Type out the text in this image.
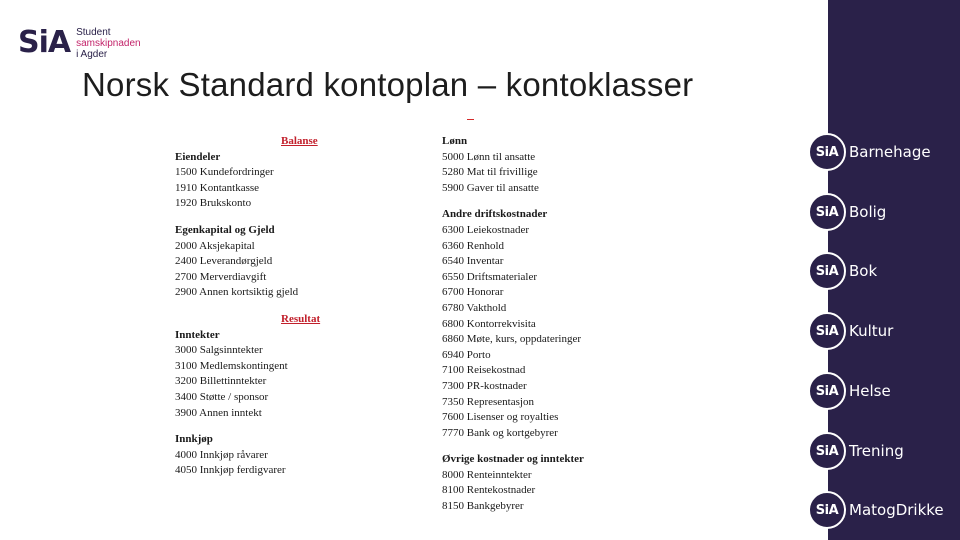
SiA Student
samskipnaden
i Agder
Norsk Standard kontoplan – kontoklasser
Balanse
Eiendeler
1500 Kundefordringer
1910 Kontantkasse
1920 Brukskonto
Egenkapital og Gjeld
2000 Aksjekapital
2400 Leverandørgjeld
2700 Merverdiavgift
2900 Annen kortsiktig gjeld
Resultat
Inntekter
3000 Salgsinntekter
3100 Medlemskontingent
3200 Billettinntekter
3400 Støtte / sponsor
3900 Annen inntekt
Innkjøp
4000 Innkjøp råvarer
4050 Innkjøp ferdigvarer
Lønn
5000 Lønn til ansatte
5280 Mat til frivillige
5900 Gaver til ansatte
Andre driftskostnader
6300 Leiekostnader
6360 Renhold
6540 Inventar
6550 Driftsmaterialer
6700 Honorar
6780 Vakthold
6800 Kontorrekvisita
6860 Møte, kurs, oppdateringer
6940 Porto
7100 Reisekostnad
7300 PR-kostnader
7350 Representasjon
7600 Lisenser og royalties
7770 Bank og kortgebyrer
Øvrige kostnader og inntekter
8000 Renteinntekter
8100 Rentekostnader
8150 Bankgebyrer
SiA Barnehage
SiA Bolig
SiA Bok
SiA Kultur
SiA Helse
SiA Trening
SiA MatogDrikke
